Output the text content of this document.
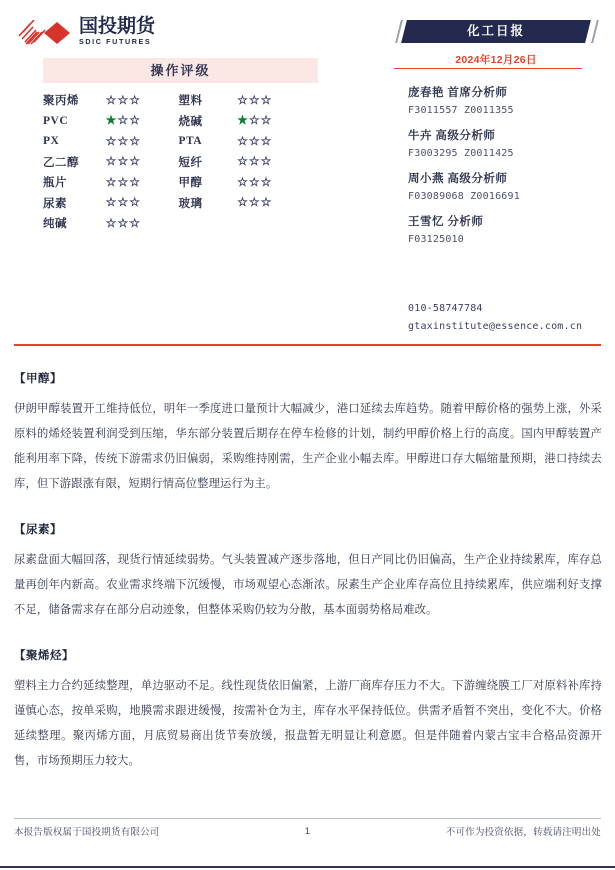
国投期货
SDIC FUTURES
操作评级
聚丙烯	☆☆☆	塑料	☆☆☆
PVC	★☆☆	烧碱	★☆☆
PX	☆☆☆	PTA	☆☆☆
乙二醇	☆☆☆	短纤	☆☆☆
瓶片	☆☆☆	甲醇	☆☆☆
尿素	☆☆☆	玻璃	☆☆☆
纯碱	☆☆☆		
化工日报
2024年12月26日
庞春艳 首席分析师
F3011557 Z0011355
牛卉 高级分析师
F3003295 Z0011425
周小燕 高级分析师
F03089068 Z0016691
王雪忆 分析师
F03125010
010-58747784
gtaxinstitute@essence.com.cn
【甲醇】
伊朗甲醇装置开工维持低位，明年一季度进口量预计大幅减少，港口延续去库趋势。随着甲醇价格的强势上涨，外采原料的烯烃装置利润受到压缩，华东部分装置后期存在停车检修的计划，制约甲醇价格上行的高度。国内甲醇装置产能利用率下降，传统下游需求仍旧偏弱，采购维持刚需，生产企业小幅去库。甲醇进口存大幅缩量预期，港口持续去库，但下游跟涨有限，短期行情高位整理运行为主。
【尿素】
尿素盘面大幅回落，现货行情延续弱势。气头装置减产逐步落地，但日产同比仍旧偏高，生产企业持续累库，库存总量再创年内新高。农业需求终端下沉缓慢，市场观望心态渐浓。尿素生产企业库存高位且持续累库，供应端利好支撑不足，储备需求存在部分启动迹象，但整体采购仍较为分散，基本面弱势格局难改。
【聚烯烃】
塑料主力合约延续整理，单边驱动不足。线性现货依旧偏紧，上游厂商库存压力不大。下游缠绕膜工厂对原料补库持谨慎心态，按单采购，地膜需求跟进缓慢，按需补仓为主，库存水平保持低位。供需矛盾暂不突出，变化不大。价格延续整理。聚丙烯方面，月底贸易商出货节奏放缓，报盘暂无明显让利意愿。但是伴随着内蒙古宝丰合格品资源开售，市场预期压力较大。
本报告版权属于国投期货有限公司	1	不可作为投资依据，转载请注明出处
